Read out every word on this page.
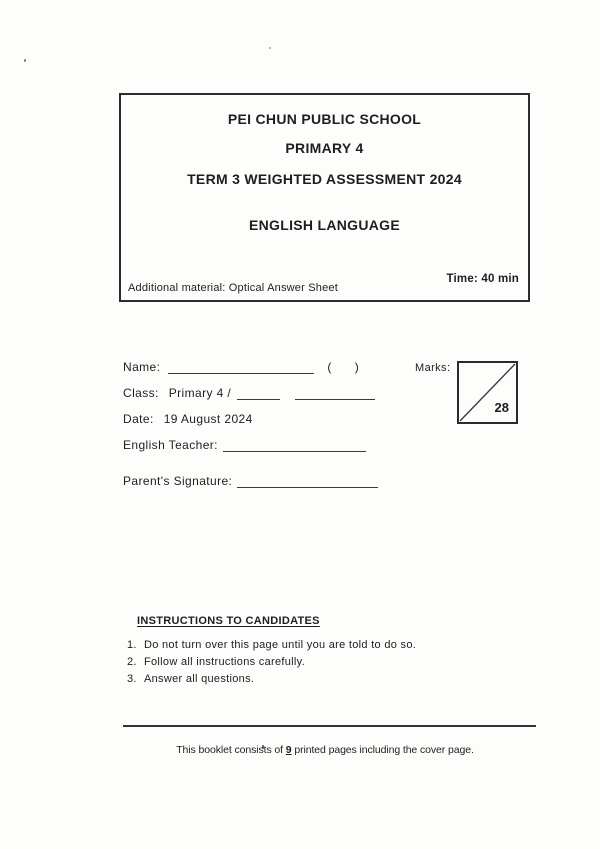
PEI CHUN PUBLIC SCHOOL
PRIMARY 4
TERM 3 WEIGHTED ASSESSMENT 2024
ENGLISH LANGUAGE
Time: 40 min
Additional material: Optical Answer Sheet
Name:	( )
Class: Primary 4 /
Date: 19 August 2024
English Teacher:
Parent's Signature:
Marks:
28
INSTRUCTIONS TO CANDIDATES
1. Do not turn over this page until you are told to do so.
2. Follow all instructions carefully.
3. Answer all questions.
This booklet consists of 9 printed pages including the cover page.
